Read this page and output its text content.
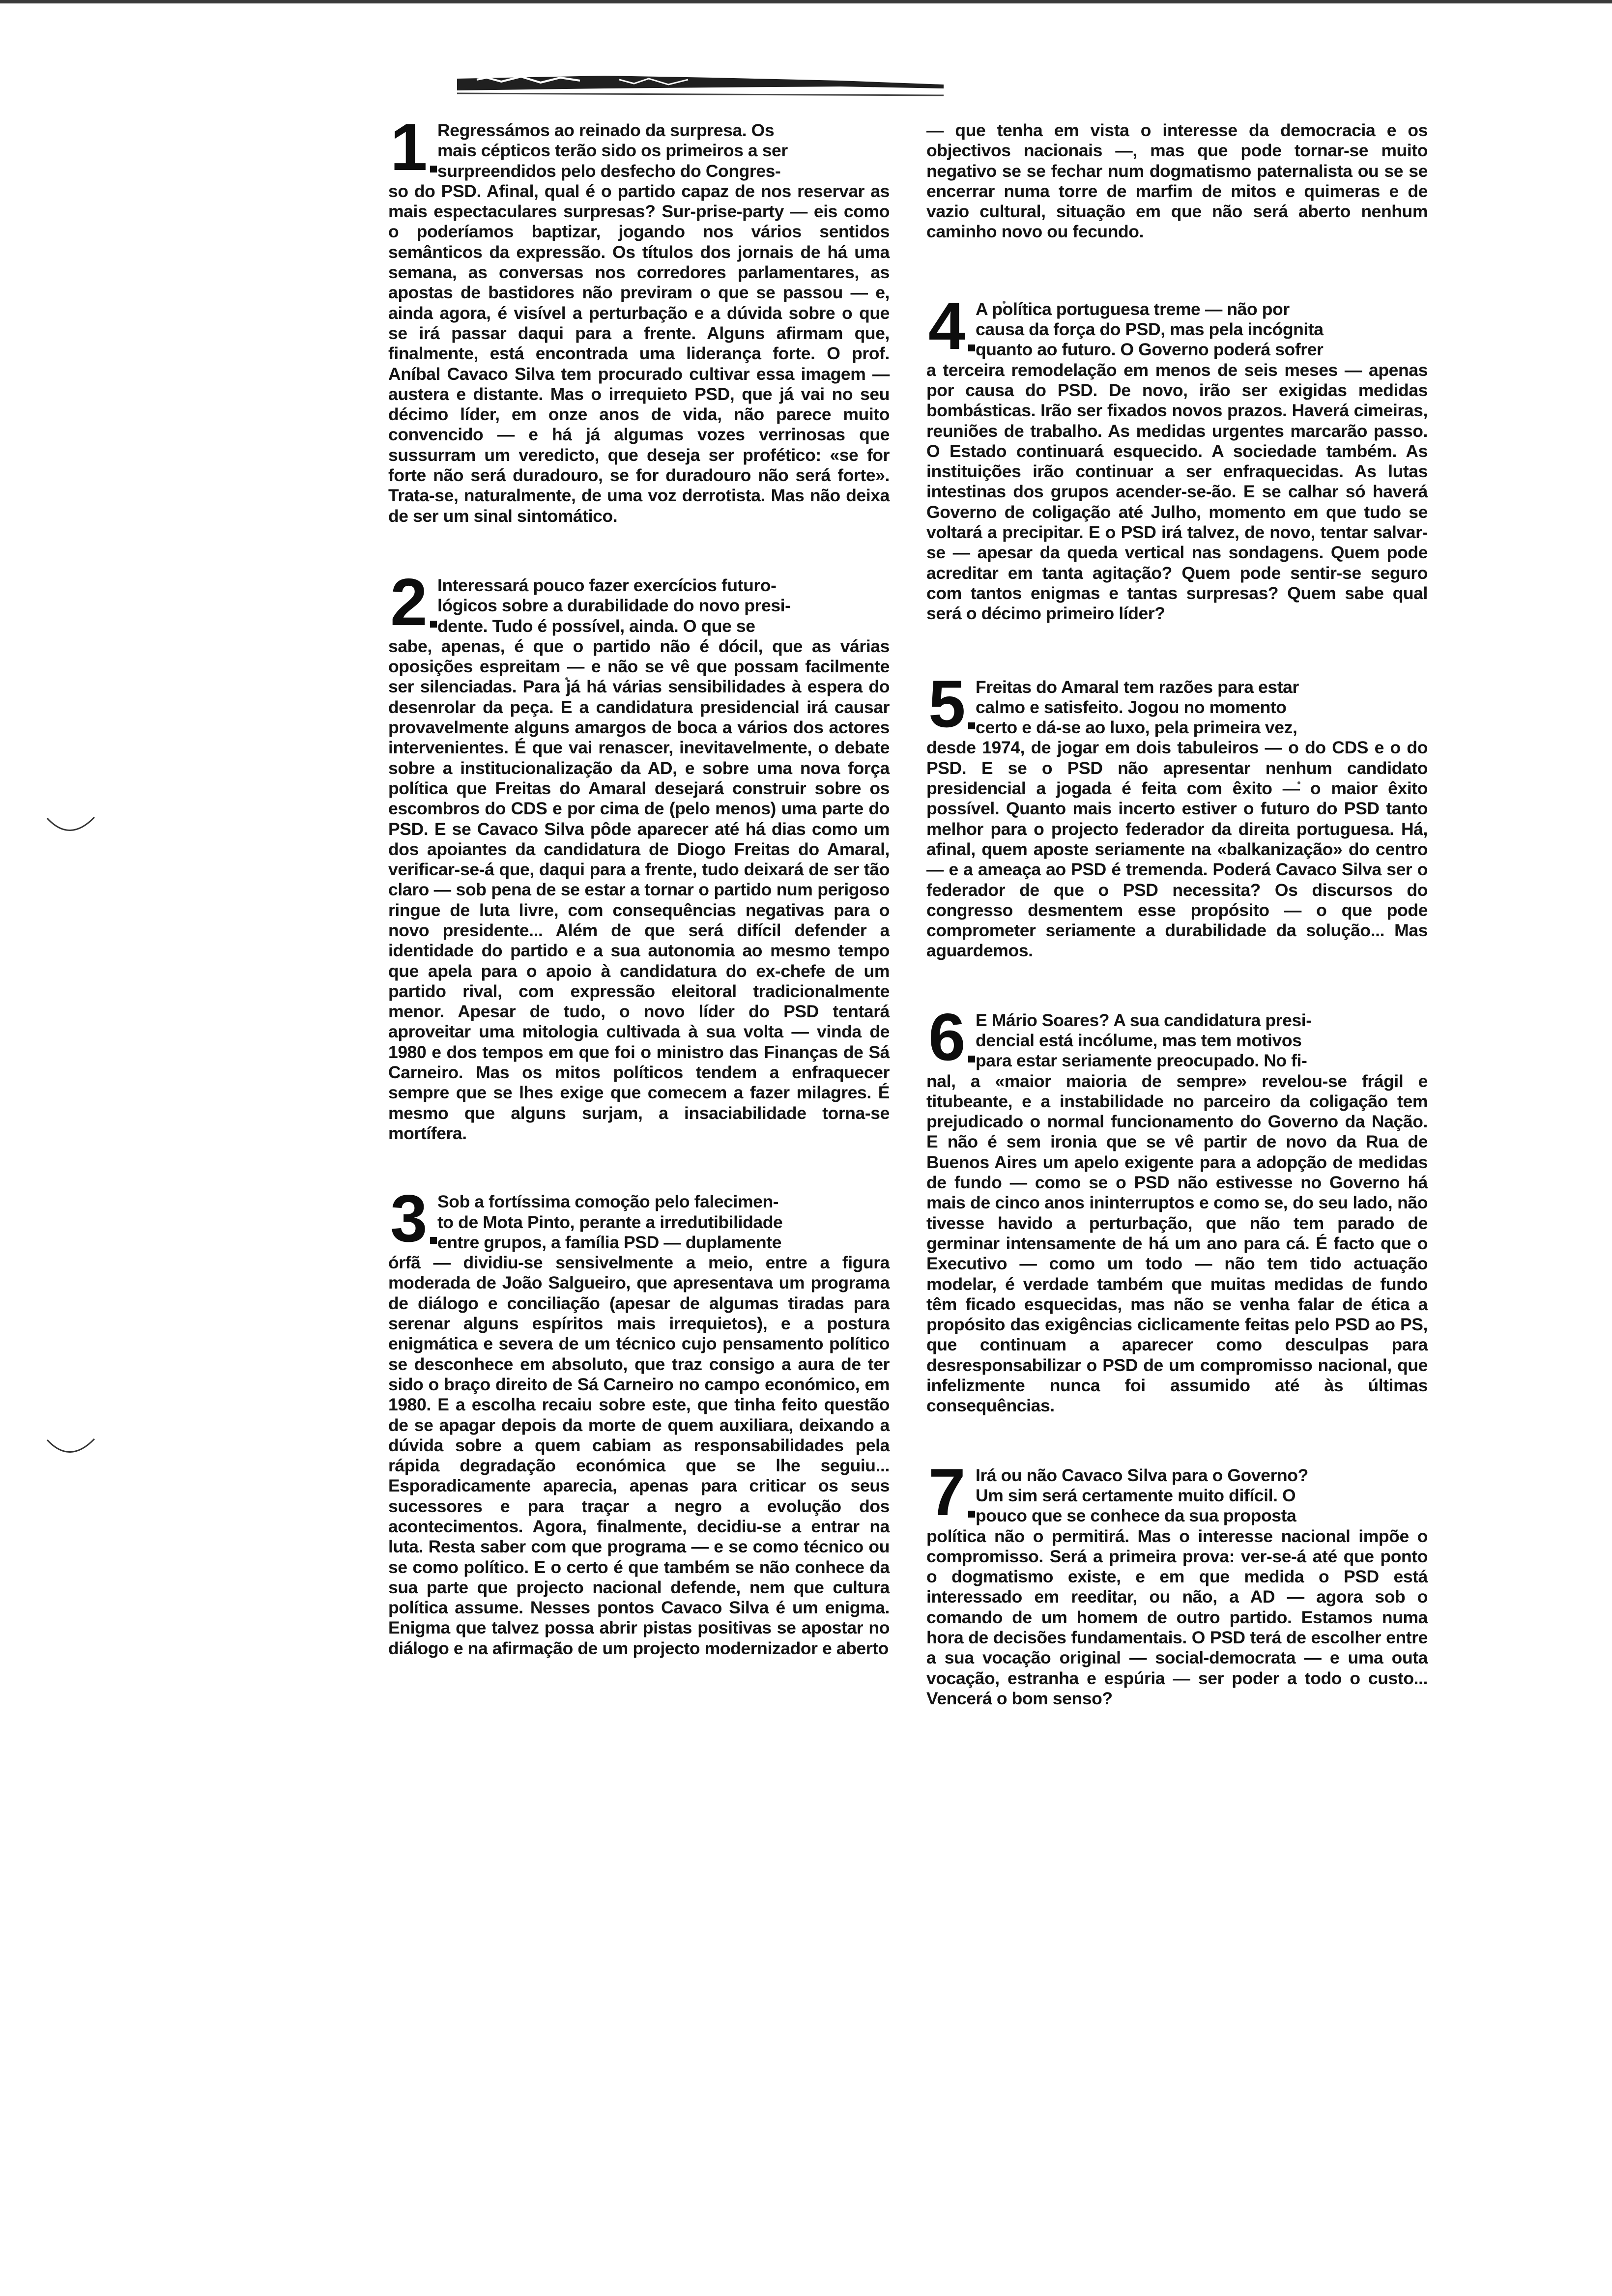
1 Regressámos ao reinado da surpresa. Os
mais cépticos terão sido os primeiros a ser
surpreendidos pelo desfecho do Congres-
so do PSD. Afinal, qual é o partido capaz de nos reservar as mais espectaculares surpresas? Sur-prise-party — eis como o poderíamos baptizar, jogando nos vários sentidos semânticos da expressão. Os títulos dos jornais de há uma semana, as conversas nos corredores parlamentares, as apostas de bastidores não previram o que se passou — e, ainda agora, é visível a perturbação e a dúvida sobre o que se irá passar daqui para a frente. Alguns afirmam que, finalmente, está encontrada uma liderança forte. O prof. Aníbal Cavaco Silva tem procurado cultivar essa imagem — austera e distante. Mas o irrequieto PSD, que já vai no seu décimo líder, em onze anos de vida, não parece muito convencido — e há já algumas vozes verrinosas que sussurram um veredicto, que deseja ser profético: «se for forte não será duradouro, se for duradouro não será forte». Trata-se, naturalmente, de uma voz derrotista. Mas não deixa de ser um sinal sintomático.
2 Interessará pouco fazer exercícios futuro-
lógicos sobre a durabilidade do novo presi-
dente. Tudo é possível, ainda. O que se
sabe, apenas, é que o partido não é dócil, que as várias oposições espreitam — e não se vê que possam facilmente ser silenciadas. Para já há várias sensibilidades à espera do desenrolar da peça. E a candidatura presidencial irá causar provavelmente alguns amargos de boca a vários dos actores intervenientes. É que vai renascer, inevitavelmente, o debate sobre a institucionalização da AD, e sobre uma nova força política que Freitas do Amaral desejará construir sobre os escombros do CDS e por cima de (pelo menos) uma parte do PSD. E se Cavaco Silva pôde aparecer até há dias como um dos apoiantes da candidatura de Diogo Freitas do Amaral, verificar-se-á que, daqui para a frente, tudo deixará de ser tão claro — sob pena de se estar a tornar o partido num perigoso ringue de luta livre, com consequências negativas para o novo presidente... Além de que será difícil defender a identidade do partido e a sua autonomia ao mesmo tempo que apela para o apoio à candidatura do ex-chefe de um partido rival, com expressão eleitoral tradicionalmente menor. Apesar de tudo, o novo líder do PSD tentará aproveitar uma mitologia cultivada à sua volta — vinda de 1980 e dos tempos em que foi o ministro das Finanças de Sá Carneiro. Mas os mitos políticos tendem a enfraquecer sempre que se lhes exige que comecem a fazer milagres. É mesmo que alguns surjam, a insaciabilidade torna-se mortífera.
3 Sob a fortíssima comoção pelo falecimen-
to de Mota Pinto, perante a irredutibilidade
entre grupos, a família PSD — duplamente
órfã — dividiu-se sensivelmente a meio, entre a figura moderada de João Salgueiro, que apresentava um programa de diálogo e conciliação (apesar de algumas tiradas para serenar alguns espíritos mais irrequietos), e a postura enigmática e severa de um técnico cujo pensamento político se desconhece em absoluto, que traz consigo a aura de ter sido o braço direito de Sá Carneiro no campo económico, em 1980. E a escolha recaiu sobre este, que tinha feito questão de se apagar depois da morte de quem auxiliara, deixando a dúvida sobre a quem cabiam as responsabilidades pela rápida degradação económica que se lhe seguiu... Esporadicamente aparecia, apenas para criticar os seus sucessores e para traçar a negro a evolução dos acontecimentos. Agora, finalmente, decidiu-se a entrar na luta. Resta saber com que programa — e se como técnico ou se como político. E o certo é que também se não conhece da sua parte que projecto nacional defende, nem que cultura política assume. Nesses pontos Cavaco Silva é um enigma. Enigma que talvez possa abrir pistas positivas se apostar no diálogo e na afirmação de um projecto modernizador e aberto
— que tenha em vista o interesse da democracia e os objectivos nacionais —, mas que pode tornar-se muito negativo se se fechar num dogmatismo paternalista ou se se encerrar numa torre de marfim de mitos e quimeras e de vazio cultural, situação em que não será aberto nenhum caminho novo ou fecundo.
4 A política portuguesa treme — não por
causa da força do PSD, mas pela incógnita
quanto ao futuro. O Governo poderá sofrer
a terceira remodelação em menos de seis meses — apenas por causa do PSD. De novo, irão ser exigidas medidas bombásticas. Irão ser fixados novos prazos. Haverá cimeiras, reuniões de trabalho. As medidas urgentes marcarão passo. O Estado continuará esquecido. A sociedade também. As instituições irão continuar a ser enfraquecidas. As lutas intestinas dos grupos acender-se-ão. E se calhar só haverá Governo de coligação até Julho, momento em que tudo se voltará a precipitar. E o PSD irá talvez, de novo, tentar salvar-se — apesar da queda vertical nas sondagens. Quem pode acreditar em tanta agitação? Quem pode sentir-se seguro com tantos enigmas e tantas surpresas? Quem sabe qual será o décimo primeiro líder?
5 Freitas do Amaral tem razões para estar
calmo e satisfeito. Jogou no momento
certo e dá-se ao luxo, pela primeira vez,
desde 1974, de jogar em dois tabuleiros — o do CDS e o do PSD. E se o PSD não apresentar nenhum candidato presidencial a jogada é feita com êxito — o maior êxito possível. Quanto mais incerto estiver o futuro do PSD tanto melhor para o projecto federador da direita portuguesa. Há, afinal, quem aposte seriamente na «balkanização» do centro — e a ameaça ao PSD é tremenda. Poderá Cavaco Silva ser o federador de que o PSD necessita? Os discursos do congresso desmentem esse propósito — o que pode comprometer seriamente a durabilidade da solução... Mas aguardemos.
6 E Mário Soares? A sua candidatura presi-
dencial está incólume, mas tem motivos
para estar seriamente preocupado. No fi-
nal, a «maior maioria de sempre» revelou-se frágil e titubeante, e a instabilidade no parceiro da coligação tem prejudicado o normal funcionamento do Governo da Nação. E não é sem ironia que se vê partir de novo da Rua de Buenos Aires um apelo exigente para a adopção de medidas de fundo — como se o PSD não estivesse no Governo há mais de cinco anos ininterruptos e como se, do seu lado, não tivesse havido a perturbação, que não tem parado de germinar intensamente de há um ano para cá. É facto que o Executivo — como um todo — não tem tido actuação modelar, é verdade também que muitas medidas de fundo têm ficado esquecidas, mas não se venha falar de ética a propósito das exigências ciclicamente feitas pelo PSD ao PS, que continuam a aparecer como desculpas para desresponsabilizar o PSD de um compromisso nacional, que infelizmente nunca foi assumido até às últimas consequências.
7 Irá ou não Cavaco Silva para o Governo?
Um sim será certamente muito difícil. O
pouco que se conhece da sua proposta
política não o permitirá. Mas o interesse nacional impõe o compromisso. Será a primeira prova: ver-se-á até que ponto o dogmatismo existe, e em que medida o PSD está interessado em reeditar, ou não, a AD — agora sob o comando de um homem de outro partido. Estamos numa hora de decisões fundamentais. O PSD terá de escolher entre a sua vocação original — social-democrata — e uma outa vocação, estranha e espúria — ser poder a todo o custo... Vencerá o bom senso?
